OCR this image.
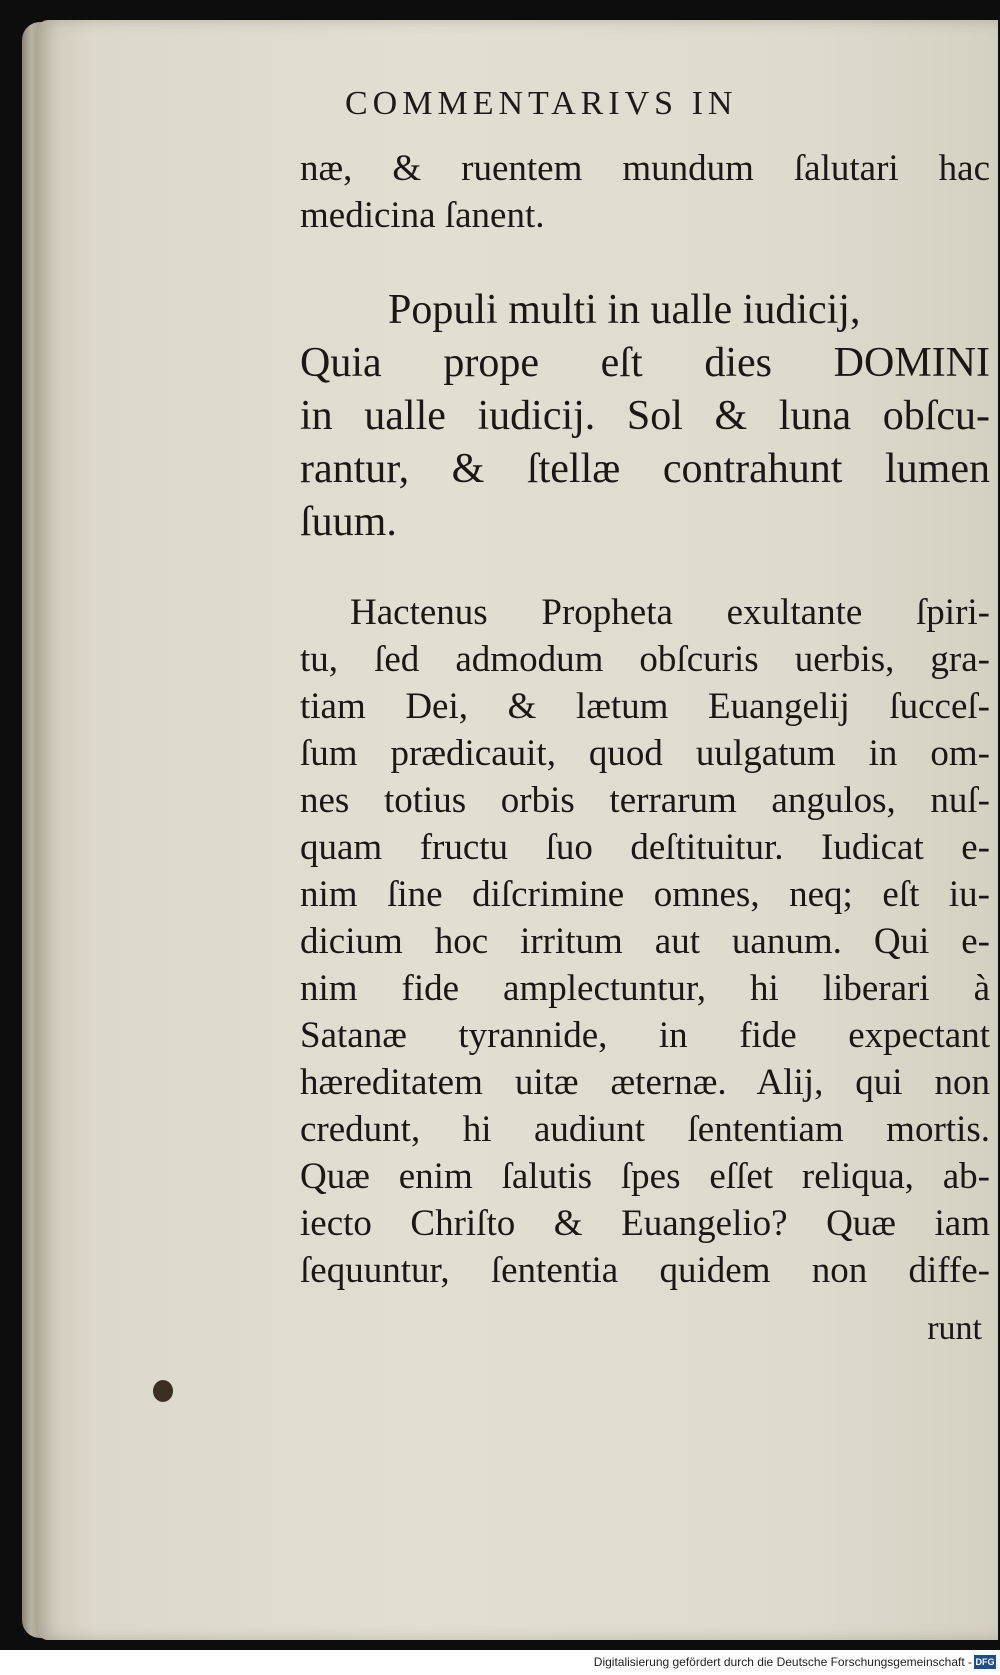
COMMENTARIVS IN
næ, & ruentem mundum ſalutari hac
medicina ſanent.
Populi multi in ualle iudicij,
Quia prope eſt dies DOMINI
in ualle iudicij. Sol & luna obſcu-
rantur, & ſtellæ contrahunt lumen
ſuum.
Hactenus Propheta exultante ſpiri-
tu, ſed admodum obſcuris uerbis, gra-
tiam Dei, & lætum Euangelij ſucceſ-
ſum prædicauit, quod uulgatum in om-
nes totius orbis terrarum angulos, nuſ-
quam fructu ſuo deſtituitur. Iudicat e-
nim ſine diſcrimine omnes, neq; eſt iu-
dicium hoc irritum aut uanum. Qui e-
nim fide amplectuntur, hi liberari à
Satanæ tyrannide, in fide expectant
hæreditatem uitæ æternæ. Alij, qui non
credunt, hi audiunt ſententiam mortis.
Quæ enim ſalutis ſpes eſſet reliqua, ab-
iecto Chriſto & Euangelio? Quæ iam
ſequuntur, ſententia quidem non diffe-
runt
Digitalisierung gefördert durch die Deutsche Forschungsgemeinschaft - DFG
